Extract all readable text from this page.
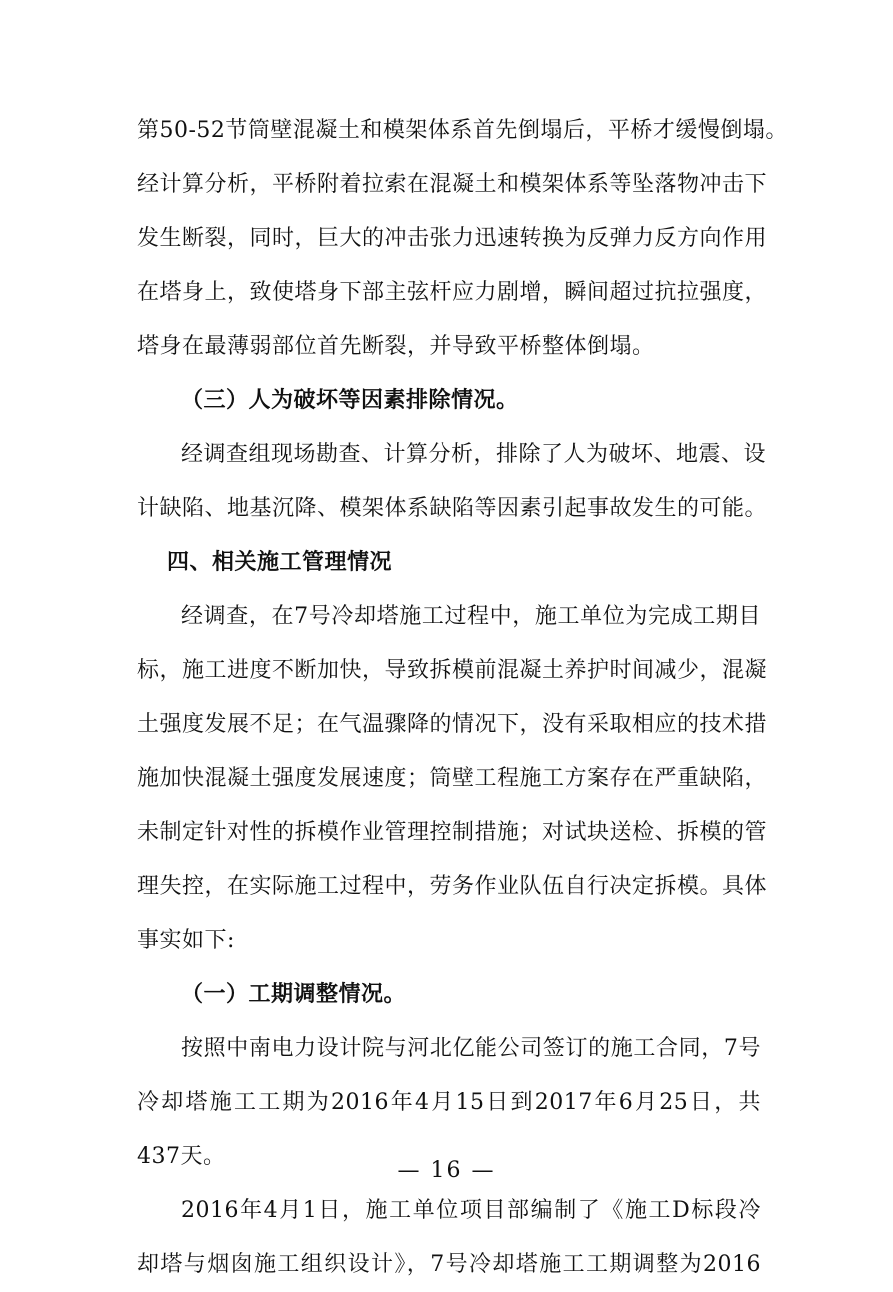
第50-52节筒壁混凝土和模架体系首先倒塌后，平桥才缓慢倒塌。
经计算分析，平桥附着拉索在混凝土和模架体系等坠落物冲击下
发生断裂，同时，巨大的冲击张力迅速转换为反弹力反方向作用
在塔身上，致使塔身下部主弦杆应力剧增，瞬间超过抗拉强度，
塔身在最薄弱部位首先断裂，并导致平桥整体倒塌。
（三）人为破坏等因素排除情况。
经调查组现场勘查、计算分析，排除了人为破坏、地震、设
计缺陷、地基沉降、模架体系缺陷等因素引起事故发生的可能。
四、相关施工管理情况
经调查，在7号冷却塔施工过程中，施工单位为完成工期目
标，施工进度不断加快，导致拆模前混凝土养护时间减少，混凝
土强度发展不足；在气温骤降的情况下，没有采取相应的技术措
施加快混凝土强度发展速度；筒壁工程施工方案存在严重缺陷，
未制定针对性的拆模作业管理控制措施；对试块送检、拆模的管
理失控，在实际施工过程中，劳务作业队伍自行决定拆模。具体
事实如下:
（一）工期调整情况。
按照中南电力设计院与河北亿能公司签订的施工合同，7号
冷却塔施工工期为2016年4月15日到2017年6月25日，共
437天。
2016年4月1日，施工单位项目部编制了《施工D标段冷
却塔与烟囱施工组织设计》，7号冷却塔施工工期调整为2016
— 16 —
